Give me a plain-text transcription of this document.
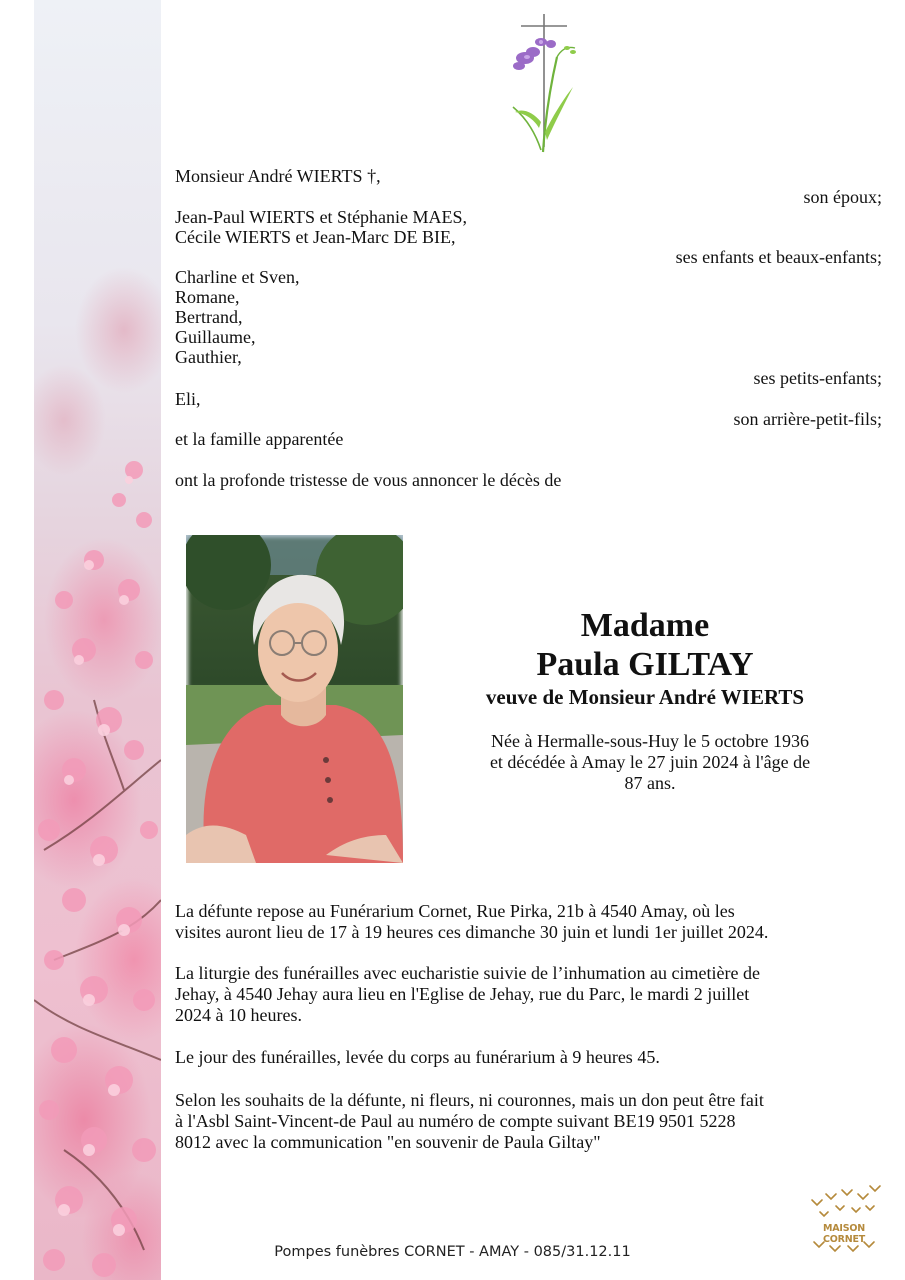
Monsieur André WIERTS †,
son époux;
Jean-Paul WIERTS et Stéphanie MAES,
Cécile WIERTS et Jean-Marc DE BIE,
ses enfants et beaux-enfants;
Charline et Sven,
Romane,
Bertrand,
Guillaume,
Gauthier,
ses petits-enfants;
Eli,
son arrière-petit-fils;
et la famille apparentée
ont la profonde tristesse de vous annoncer le décès de
Madame
Paula GILTAY
veuve de Monsieur André WIERTS
Née à Hermalle-sous-Huy le 5 octobre 1936
et décédée à Amay le 27 juin 2024 à l'âge de
87 ans.
La défunte repose au Funérarium Cornet, Rue Pirka, 21b à 4540 Amay, où les
visites auront lieu de 17 à 19 heures ces dimanche 30 juin et lundi 1er juillet 2024.
La liturgie des funérailles avec eucharistie suivie de l’inhumation au cimetière de
Jehay, à 4540 Jehay aura lieu en l'Eglise de Jehay, rue du Parc, le mardi 2 juillet
2024 à 10 heures.
Le jour des funérailles, levée du corps au funérarium à 9 heures 45.
Selon les souhaits de la défunte, ni fleurs, ni couronnes, mais un don peut être fait
à l'Asbl Saint-Vincent-de Paul au numéro de compte suivant BE19 9501 5228
8012 avec la communication "en souvenir de Paula Giltay"
Pompes funèbres CORNET - AMAY - 085/31.12.11
MAISON CORNET
